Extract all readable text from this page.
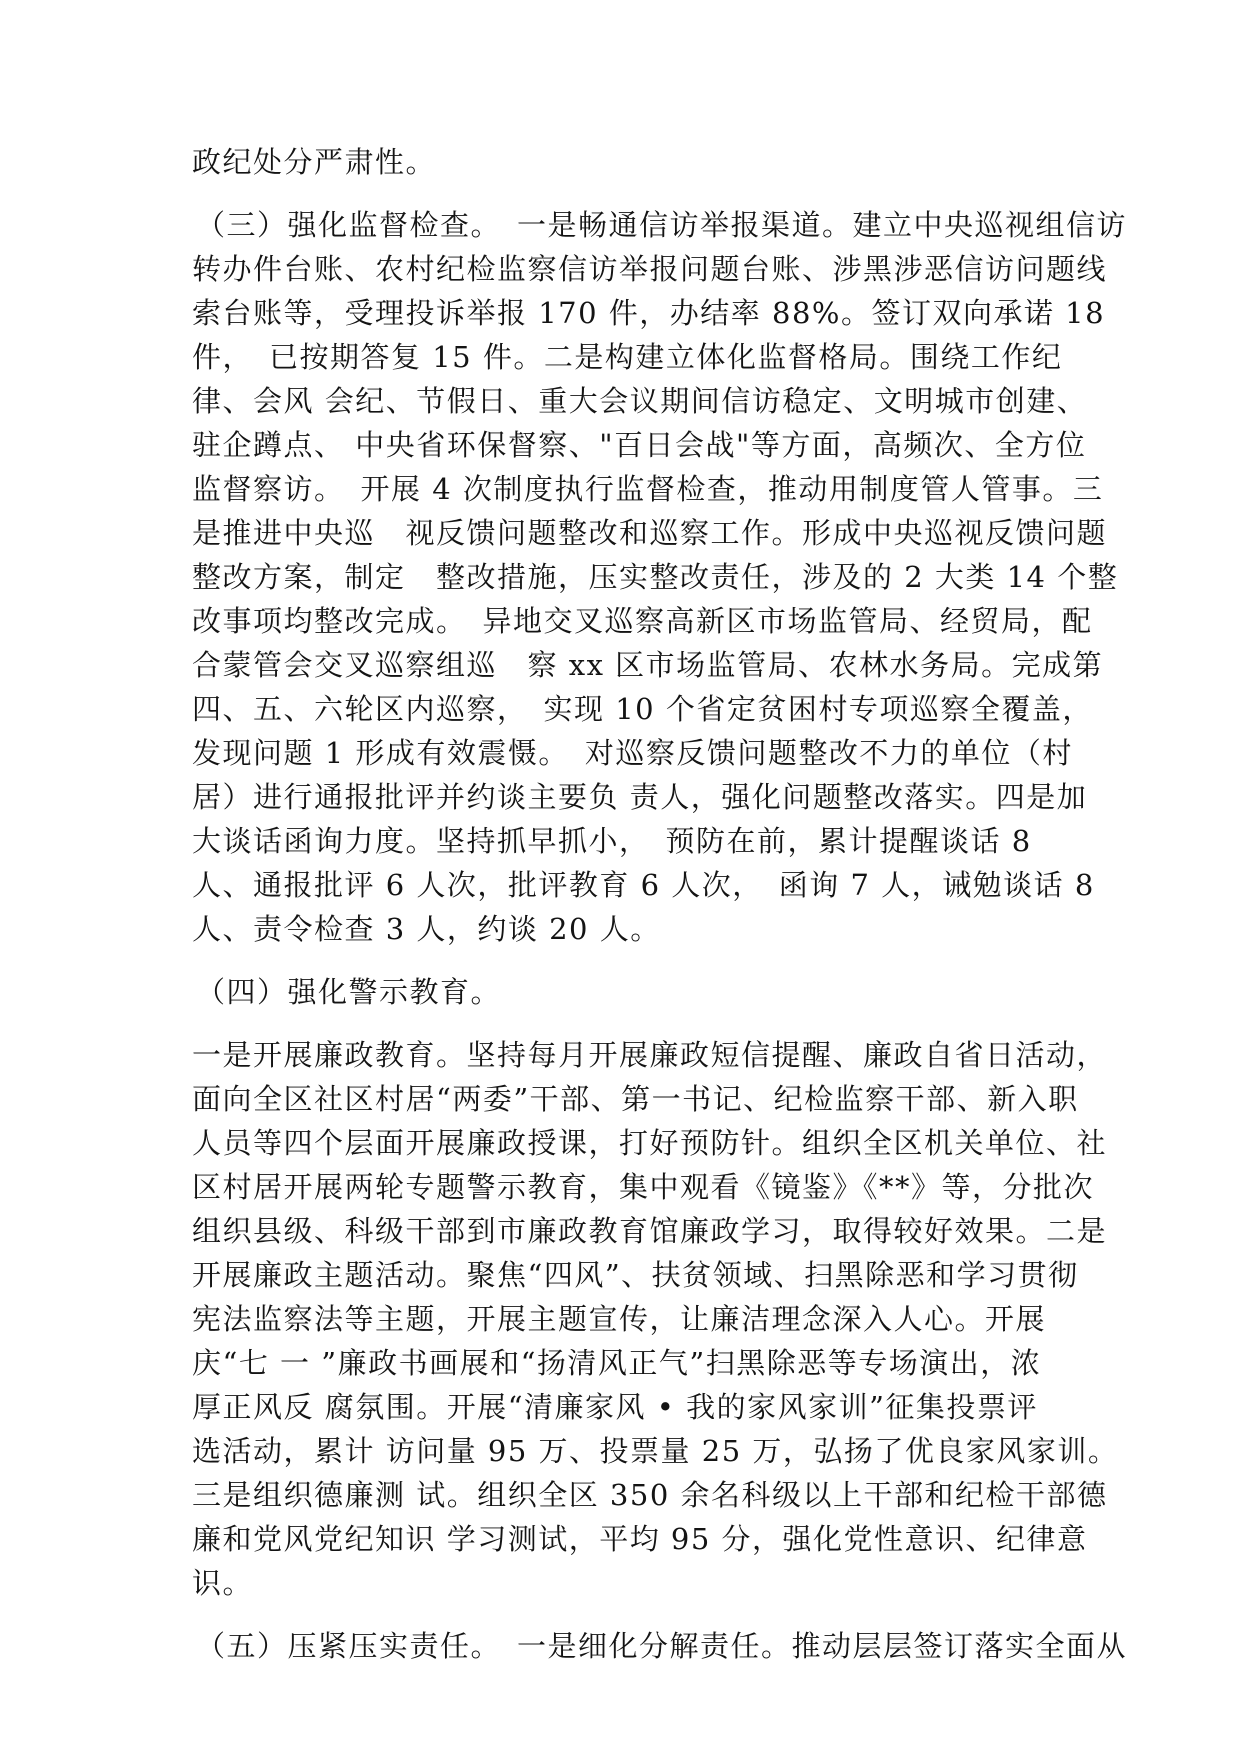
政纪处分严肃性。
（三）强化监督检查。　一是畅通信访举报渠道。建立中央巡视组信访
转办件台账、农村纪检监察信访举报问题台账、涉黑涉恶信访问题线
索台账等，受理投诉举报 170 件，办结率 88%。签订双向承诺 18
件，　已按期答复 15 件。二是构建立体化监督格局。围绕工作纪
律、会风 会纪、节假日、重大会议期间信访稳定、文明城市创建、
驻企蹲点、 中央省环保督察、"百日会战"等方面，高频次、全方位
监督察访。　开展 4 次制度执行监督检查，推动用制度管人管事。三
是推进中央巡　视反馈问题整改和巡察工作。形成中央巡视反馈问题
整改方案，制定　整改措施，压实整改责任，涉及的 2 大类 14 个整
改事项均整改完成。　异地交叉巡察高新区市场监管局、经贸局，配
合蒙管会交叉巡察组巡　察 xx 区市场监管局、农林水务局。完成第
四、五、六轮区内巡察，　实现 10 个省定贫困村专项巡察全覆盖，
发现问题 1 形成有效震慑。　对巡察反馈问题整改不力的单位（村
居）进行通报批评并约谈主要负 责人，强化问题整改落实。四是加
大谈话函询力度。坚持抓早抓小，　预防在前，累计提醒谈话 8
人、通报批评 6 人次，批评教育 6 人次，　函询 7 人，诫勉谈话 8
人、责令检查 3 人，约谈 20 人。
（四）强化警示教育。
一是开展廉政教育。坚持每月开展廉政短信提醒、廉政自省日活动，
面向全区社区村居“两委”干部、第一书记、纪检监察干部、新入职
人员等四个层面开展廉政授课，打好预防针。组织全区机关单位、社
区村居开展两轮专题警示教育，集中观看《镜鉴》《**》等，分批次
组织县级、科级干部到市廉政教育馆廉政学习，取得较好效果。二是
开展廉政主题活动。聚焦“四风”、扶贫领域、扫黑除恶和学习贯彻
宪法监察法等主题，开展主题宣传，让廉洁理念深入人心。开展
庆“七 一 ”廉政书画展和“扬清风正气”扫黑除恶等专场演出，浓
厚正风反 腐氛围。开展“清廉家风 • 我的家风家训”征集投票评
选活动，累计 访问量 95 万、投票量 25 万，弘扬了优良家风家训。
三是组织德廉测 试。组织全区 350 余名科级以上干部和纪检干部德
廉和党风党纪知识 学习测试，平均 95 分，强化党性意识、纪律意
识。
（五）压紧压实责任。　一是细化分解责任。推动层层签订落实全面从
